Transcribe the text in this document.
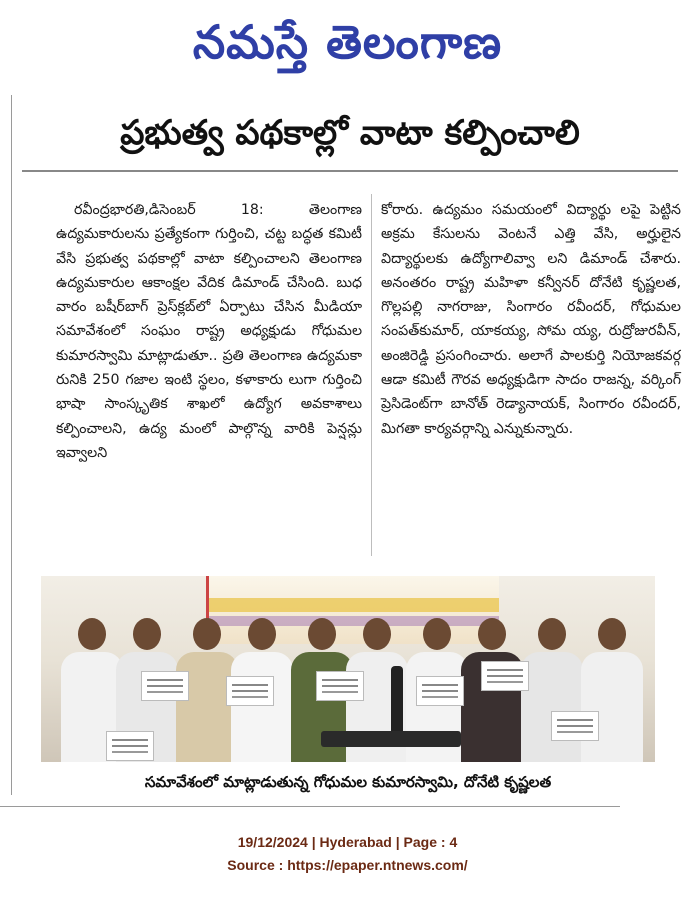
నమస్తే తెలంగాణ
ప్రభుత్వ పథకాల్లో వాటా కల్పించాలి

రవీంద్రభారతి,డిసెంబర్ 18: తెలంగాణ ఉద్యమకారులను ప్రత్యేకంగా గుర్తించి, చట్ట బద్ధత కమిటీ వేసి ప్రభుత్వ పథకాల్లో వాటా కల్పించాలని తెలంగాణ ఉద్యమకారుల ఆకాంక్షల వేదిక డిమాండ్ చేసింది. బుధ వారం బషీర్‌బాగ్ ప్రెస్‌క్లబ్‌లో ఏర్పాటు చేసిన మీడియా సమావేశంలో సంఘం రాష్ట్ర అధ్యక్షుడు గోధుమల కుమారస్వామి మాట్లాడుతూ.. ప్రతి తెలంగాణ ఉద్యమకా రునికి 250 గజాల ఇంటి స్థలం, కళాకారు లుగా గుర్తించి భాషా సాంస్కృతిక శాఖలో ఉద్యోగ అవకాశాలు కల్పించాలని, ఉద్య మంలో పాల్గొన్న వారికి పెన్షన్లు ఇవ్వాలని

కోరారు. ఉద్యమం సమయంలో విద్యార్థు లపై పెట్టిన అక్రమ కేసులను వెంటనే ఎత్తి వేసి, అర్హులైన విద్యార్థులకు ఉద్యోగాలివ్వా లని డిమాండ్ చేశారు. అనంతరం రాష్ట్ర మహిళా కన్వీనర్ దోనేటి కృష్ణలత, గొల్లపల్లి నాగరాజు, సింగారం రవీందర్, గోధుమల సంపత్‌కుమార్, యాకయ్య, సోమ య్య, రుద్రోజురవీన్, అంజిరెడ్డి ప్రసంగించారు. అలాగే పాలకుర్తి నియోజకవర్గ ఆడా కమిటీ గౌరవ అధ్యక్షుడిగా సాదం రాజన్న, వర్కింగ్ ప్రెసిడెంట్‌గా బానోత్ రెడ్యానాయక్, సింగారం రవీందర్, మిగతా కార్యవర్గాన్ని ఎన్నుకున్నారు.

సమావేశంలో మాట్లాడుతున్న గోధుమల కుమారస్వామి, దోనేటి కృష్ణలత
19/12/2024 | Hyderabad | Page : 4
Source : https://epaper.ntnews.com/
